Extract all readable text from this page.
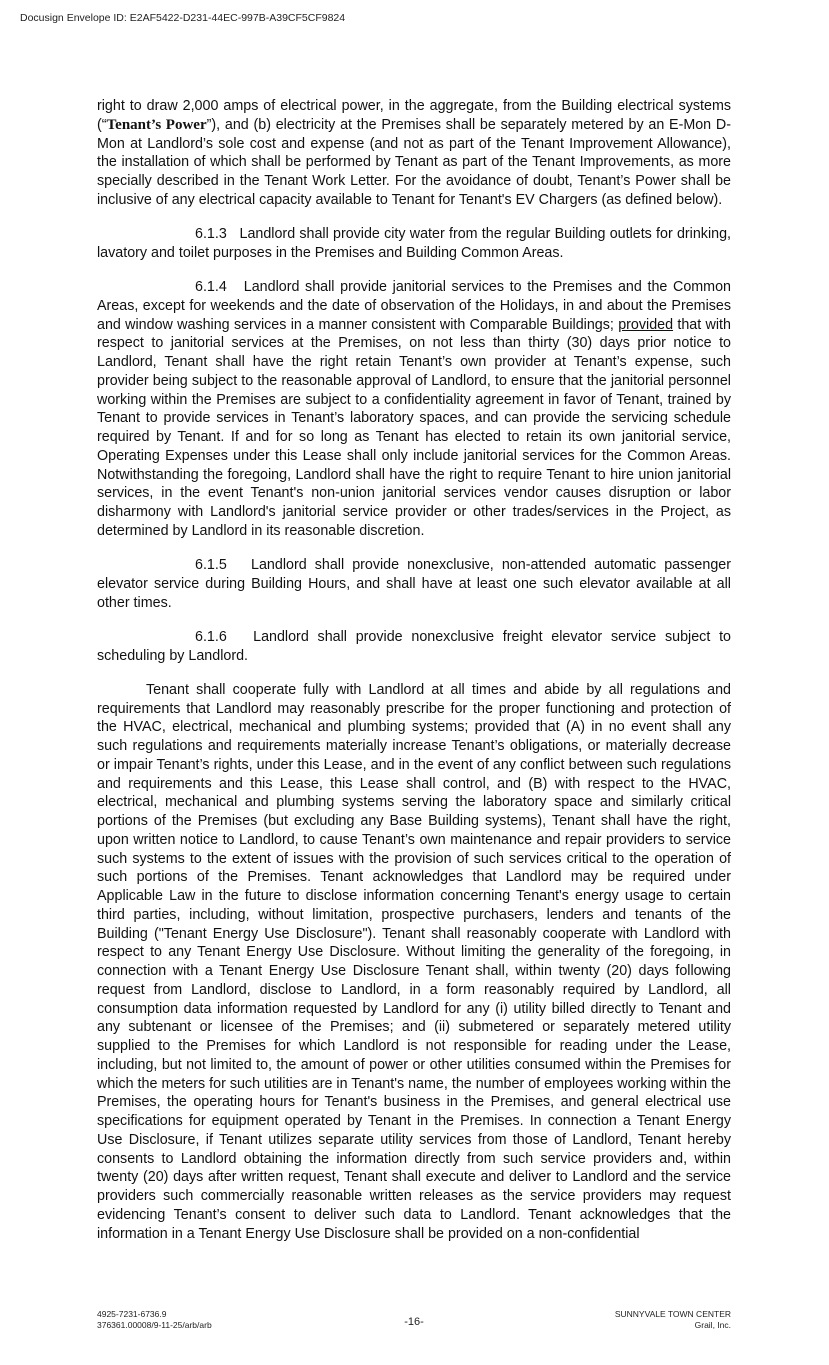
Docusign Envelope ID: E2AF5422-D231-44EC-997B-A39CF5CF9824

right to draw 2,000 amps of electrical power, in the aggregate, from the Building electrical systems (“Tenant’s Power”), and (b) electricity at the Premises shall be separately metered by an E-Mon D-Mon at Landlord’s sole cost and expense (and not as part of the Tenant Improvement Allowance), the installation of which shall be performed by Tenant as part of the Tenant Improvements, as more specially described in the Tenant Work Letter. For the avoidance of doubt, Tenant’s Power shall be inclusive of any electrical capacity available to Tenant for Tenant's EV Chargers (as defined below).

6.1.3 Landlord shall provide city water from the regular Building outlets for drinking, lavatory and toilet purposes in the Premises and Building Common Areas.

6.1.4 Landlord shall provide janitorial services to the Premises and the Common Areas, except for weekends and the date of observation of the Holidays, in and about the Premises and window washing services in a manner consistent with Comparable Buildings; provided that with respect to janitorial services at the Premises, on not less than thirty (30) days prior notice to Landlord, Tenant shall have the right retain Tenant’s own provider at Tenant’s expense, such provider being subject to the reasonable approval of Landlord, to ensure that the janitorial personnel working within the Premises are subject to a confidentiality agreement in favor of Tenant, trained by Tenant to provide services in Tenant’s laboratory spaces, and can provide the servicing schedule required by Tenant. If and for so long as Tenant has elected to retain its own janitorial service, Operating Expenses under this Lease shall only include janitorial services for the Common Areas. Notwithstanding the foregoing, Landlord shall have the right to require Tenant to hire union janitorial services, in the event Tenant's non-union janitorial services vendor causes disruption or labor disharmony with Landlord's janitorial service provider or other trades/services in the Project, as determined by Landlord in its reasonable discretion.

6.1.5 Landlord shall provide nonexclusive, non-attended automatic passenger elevator service during Building Hours, and shall have at least one such elevator available at all other times.

6.1.6 Landlord shall provide nonexclusive freight elevator service subject to scheduling by Landlord.

Tenant shall cooperate fully with Landlord at all times and abide by all regulations and requirements that Landlord may reasonably prescribe for the proper functioning and protection of the HVAC, electrical, mechanical and plumbing systems; provided that (A) in no event shall any such regulations and requirements materially increase Tenant’s obligations, or materially decrease or impair Tenant’s rights, under this Lease, and in the event of any conflict between such regulations and requirements and this Lease, this Lease shall control, and (B) with respect to the HVAC, electrical, mechanical and plumbing systems serving the laboratory space and similarly critical portions of the Premises (but excluding any Base Building systems), Tenant shall have the right, upon written notice to Landlord, to cause Tenant’s own maintenance and repair providers to service such systems to the extent of issues with the provision of such services critical to the operation of such portions of the Premises. Tenant acknowledges that Landlord may be required under Applicable Law in the future to disclose information concerning Tenant's energy usage to certain third parties, including, without limitation, prospective purchasers, lenders and tenants of the Building ("Tenant Energy Use Disclosure"). Tenant shall reasonably cooperate with Landlord with respect to any Tenant Energy Use Disclosure. Without limiting the generality of the foregoing, in connection with a Tenant Energy Use Disclosure Tenant shall, within twenty (20) days following request from Landlord, disclose to Landlord, in a form reasonably required by Landlord, all consumption data information requested by Landlord for any (i) utility billed directly to Tenant and any subtenant or licensee of the Premises; and (ii) submetered or separately metered utility supplied to the Premises for which Landlord is not responsible for reading under the Lease, including, but not limited to, the amount of power or other utilities consumed within the Premises for which the meters for such utilities are in Tenant's name, the number of employees working within the Premises, the operating hours for Tenant's business in the Premises, and general electrical use specifications for equipment operated by Tenant in the Premises. In connection a Tenant Energy Use Disclosure, if Tenant utilizes separate utility services from those of Landlord, Tenant hereby consents to Landlord obtaining the information directly from such service providers and, within twenty (20) days after written request, Tenant shall execute and deliver to Landlord and the service providers such commercially reasonable written releases as the service providers may request evidencing Tenant’s consent to deliver such data to Landlord. Tenant acknowledges that the information in a Tenant Energy Use Disclosure shall be provided on a non-confidential

4925-7231-6736.9
376361.00008/9-11-25/arb/arb	-16-
SUNNYVALE TOWN CENTER
Grail, Inc.
